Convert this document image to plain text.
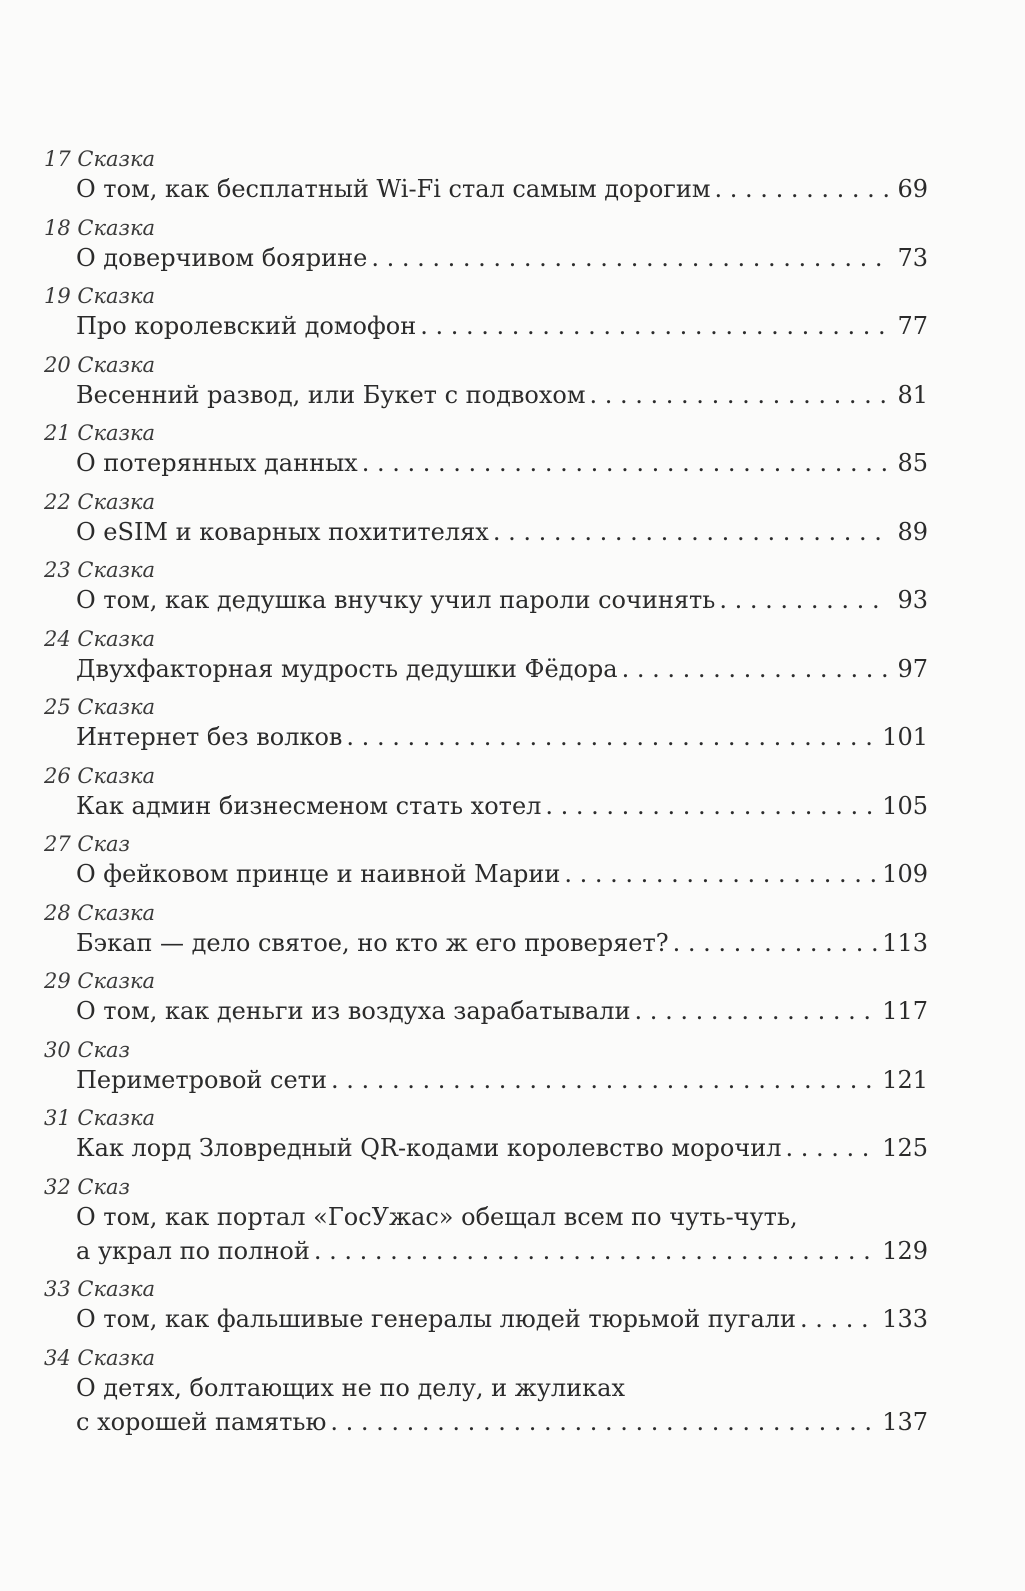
17 Сказка
О том, как бесплатный Wi-Fi стал самым дорогим . . .	69
18 Сказка
О доверчивом боярине . . .	73
19 Сказка
Про королевский домофон . . .	77
20 Сказка
Весенний развод, или Букет с подвохом . . .	81
21 Сказка
О потерянных данных . . .	85
22 Сказка
О eSIM и коварных похитителях . . .	89
23 Сказка
О том, как дедушка внучку учил пароли сочинять . . .	93
24 Сказка
Двухфакторная мудрость дедушки Фёдора . . .	97
25 Сказка
Интернет без волков . . .	101
26 Сказка
Как админ бизнесменом стать хотел . . .	105
27 Сказ
О фейковом принце и наивной Марии . . .	109
28 Сказка
Бэкап — дело святое, но кто ж его проверяет? . . .	113
29 Сказка
О том, как деньги из воздуха зарабатывали . . .	117
30 Сказ
Периметровой сети . . .	121
31 Сказка
Как лорд Зловредный QR-кодами королевство морочил . . .	125
32 Сказ
О том, как портал «ГосУжас» обещал всем по чуть-чуть,
а украл по полной . . .	129
33 Сказка
О том, как фальшивые генералы людей тюрьмой пугали . . .	133
34 Сказка
О детях, болтающих не по делу, и жуликах
с хорошей памятью . . .	137
